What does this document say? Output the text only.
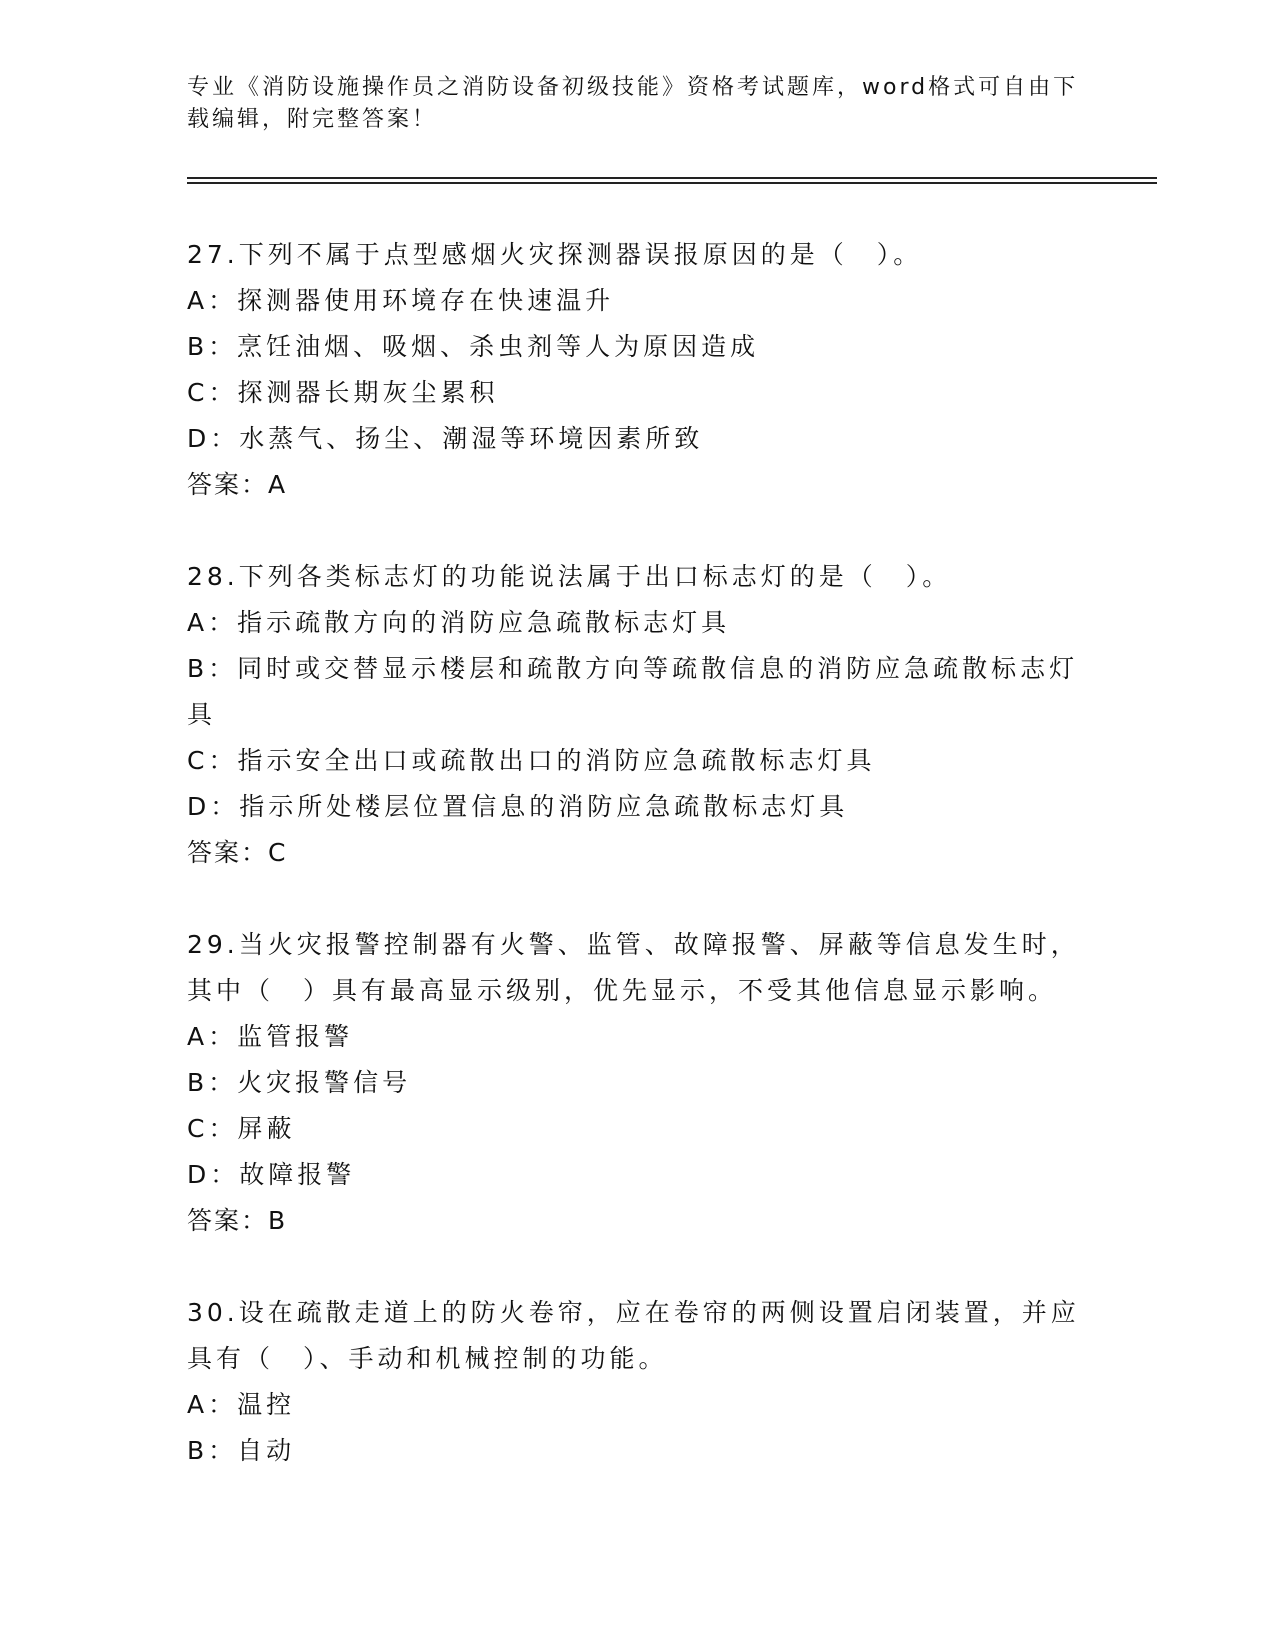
专业《消防设施操作员之消防设备初级技能》资格考试题库，word格式可自由下
载编辑，附完整答案！
27.下列不属于点型感烟火灾探测器误报原因的是（　）。
A：探测器使用环境存在快速温升
B：烹饪油烟、吸烟、杀虫剂等人为原因造成
C：探测器长期灰尘累积
D：水蒸气、扬尘、潮湿等环境因素所致
答案：A
28.下列各类标志灯的功能说法属于出口标志灯的是（　）。
A：指示疏散方向的消防应急疏散标志灯具
B：同时或交替显示楼层和疏散方向等疏散信息的消防应急疏散标志灯
具
C：指示安全出口或疏散出口的消防应急疏散标志灯具
D：指示所处楼层位置信息的消防应急疏散标志灯具
答案：C
29.当火灾报警控制器有火警、监管、故障报警、屏蔽等信息发生时，
其中（　）具有最高显示级别，优先显示，不受其他信息显示影响。
A：监管报警
B：火灾报警信号
C：屏蔽
D：故障报警
答案：B
30.设在疏散走道上的防火卷帘，应在卷帘的两侧设置启闭装置，并应
具有（　）、手动和机械控制的功能。
A：温控
B：自动
